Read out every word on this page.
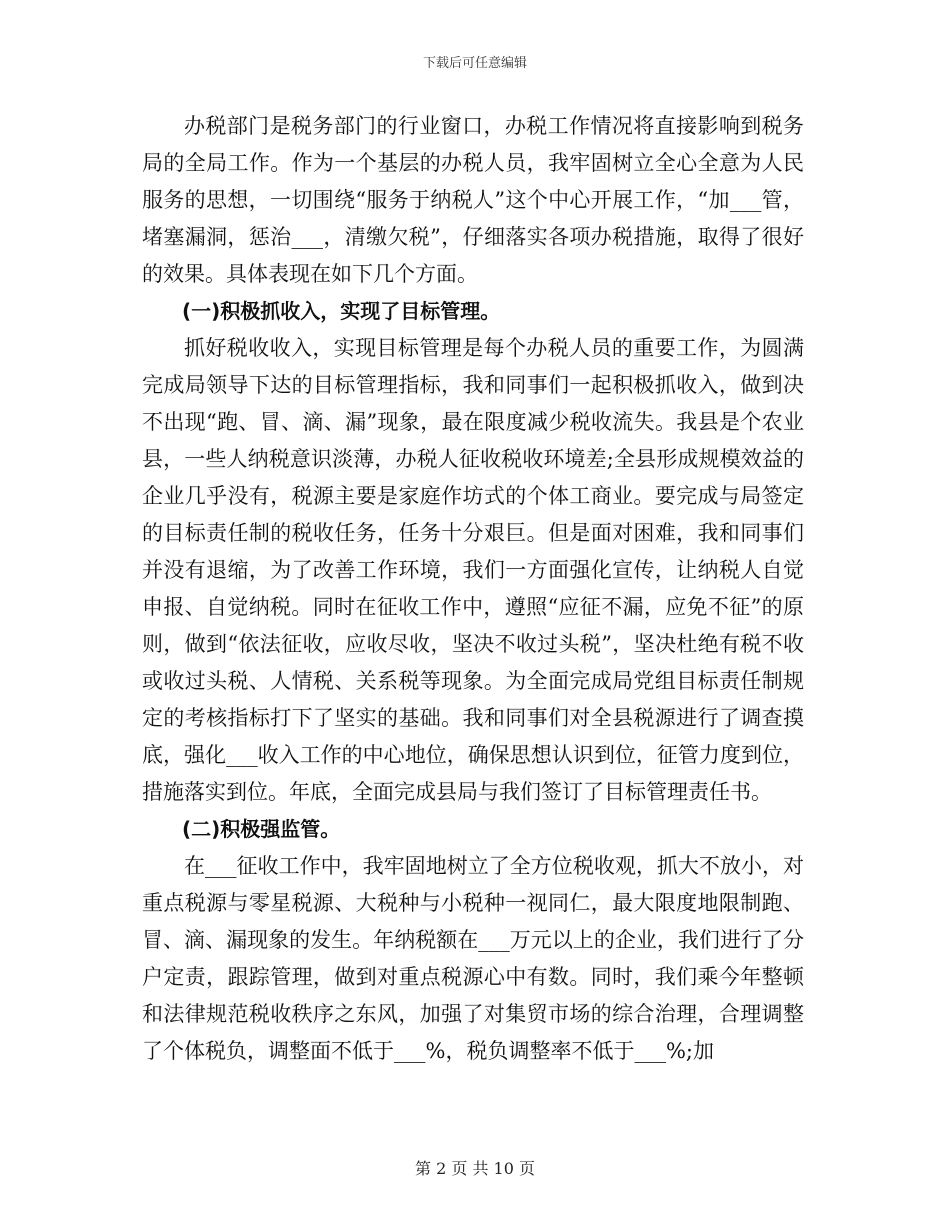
下载后可任意编辑

办税部门是税务部门的行业窗口，办税工作情况将直接影响到税务局的全局工作。作为一个基层的办税人员，我牢固树立全心全意为人民服务的思想，一切围绕“服务于纳税人”这个中心开展工作，“加___管，堵塞漏洞，惩治___，清缴欠税”，仔细落实各项办税措施，取得了很好的效果。具体表现在如下几个方面。

(一)积极抓收入，实现了目标管理。

抓好税收收入，实现目标管理是每个办税人员的重要工作，为圆满完成局领导下达的目标管理指标，我和同事们一起积极抓收入，做到决不出现“跑、冒、滴、漏”现象，最在限度减少税收流失。我县是个农业县，一些人纳税意识淡薄，办税人征收税收环境差;全县形成规模效益的企业几乎没有，税源主要是家庭作坊式的个体工商业。要完成与局签定的目标责任制的税收任务，任务十分艰巨。但是面对困难，我和同事们并没有退缩，为了改善工作环境，我们一方面强化宣传，让纳税人自觉申报、自觉纳税。同时在征收工作中，遵照“应征不漏，应免不征”的原则，做到“依法征收，应收尽收，坚决不收过头税”，坚决杜绝有税不收或收过头税、人情税、关系税等现象。为全面完成局党组目标责任制规定的考核指标打下了坚实的基础。我和同事们对全县税源进行了调查摸底，强化___收入工作的中心地位，确保思想认识到位，征管力度到位，措施落实到位。年底，全面完成县局与我们签订了目标管理责任书。

(二)积极强监管。

在___征收工作中，我牢固地树立了全方位税收观，抓大不放小，对重点税源与零星税源、大税种与小税种一视同仁，最大限度地限制跑、冒、滴、漏现象的发生。年纳税额在___万元以上的企业，我们进行了分户定责，跟踪管理，做到对重点税源心中有数。同时，我们乘今年整顿和法律规范税收秩序之东风，加强了对集贸市场的综合治理，合理调整了个体税负，调整面不低于___%，税负调整率不低于___%;加

第 2 页 共 10 页
